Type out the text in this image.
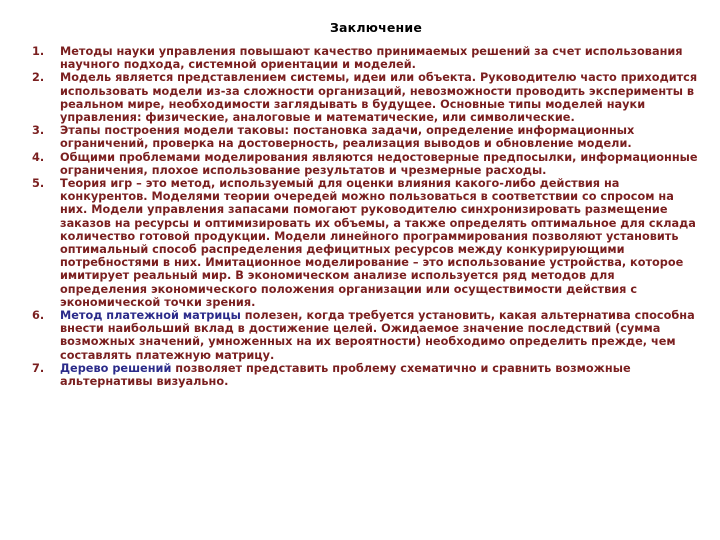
Заключение
1. Методы науки управления повышают качество принимаемых решений за счет использования научного подхода, системной ориентации и моделей.
2. Модель является представлением системы, идеи или объекта. Руководителю часто приходится использовать модели из-за сложности организаций, невозможности проводить эксперименты в реальном мире, необходимости заглядывать в будущее. Основные типы моделей науки управления: физические, аналоговые и математические, или символические.
3. Этапы построения модели таковы: постановка задачи, определение информационных ограничений, проверка на достоверность, реализация выводов и обновление модели.
4. Общими проблемами моделирования являются недостоверные предпосылки, информационные ограничения, плохое использование результатов и чрезмерные расходы.
5. Теория игр – это метод, используемый для оценки влияния какого-либо действия на конкурентов. Моделями теории очередей можно пользоваться в соответствии со спросом на них. Модели управления запасами помогают руководителю синхронизировать размещение заказов на ресурсы и оптимизировать их объемы, а также определять оптимальное для склада количество готовой продукции. Модели линейного программирования позволяют установить оптимальный способ распределения дефицитных ресурсов между конкурирующими потребностями в них. Имитационное моделирование – это использование устройства, которое имитирует реальный мир. В экономическом анализе используется ряд методов для определения экономического положения организации или осуществимости действия с экономической точки зрения.
6. Метод платежной матрицы полезен, когда требуется установить, какая альтернатива способна внести наибольший вклад в достижение целей. Ожидаемое значение последствий (сумма возможных значений, умноженных на их вероятности) необходимо определить прежде, чем составлять платежную матрицу.
7. Дерево решений позволяет представить проблему схематично и сравнить возможные альтернативы визуально.
